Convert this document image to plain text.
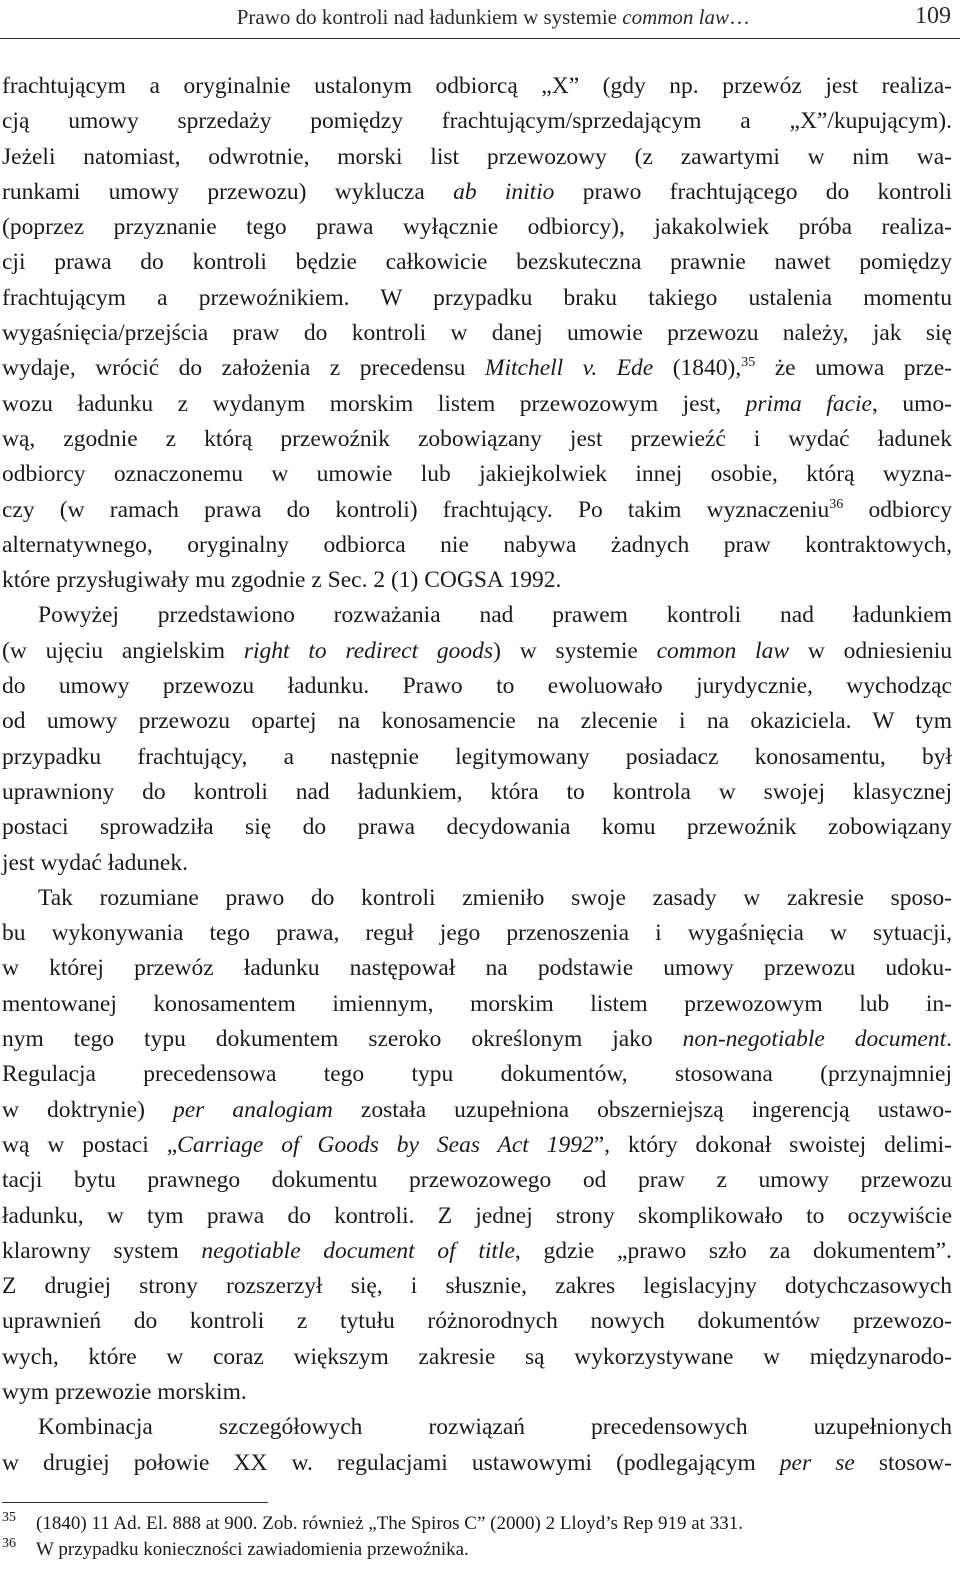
Prawo do kontroli nad ładunkiem w systemie common law…	109

frachtującym a oryginalnie ustalonym odbiorcą „X” (gdy np. przewóz jest realiza-
cją umowy sprzedaży pomiędzy frachtującym/sprzedającym a „X”/kupującym).
Jeżeli natomiast, odwrotnie, morski list przewozowy (z zawartymi w nim wa-
runkami umowy przewozu) wyklucza ab initio prawo frachtującego do kontroli
(poprzez przyznanie tego prawa wyłącznie odbiorcy), jakakolwiek próba realiza-
cji prawa do kontroli będzie całkowicie bezskuteczna prawnie nawet pomiędzy
frachtującym a przewoźnikiem. W przypadku braku takiego ustalenia momentu
wygaśnięcia/przejścia praw do kontroli w danej umowie przewozu należy, jak się
wydaje, wrócić do założenia z precedensu Mitchell v. Ede (1840),$^{35}$ że umowa prze-
wozu ładunku z wydanym morskim listem przewozowym jest, prima facie, umo-
wą, zgodnie z którą przewoźnik zobowiązany jest przewieźć i wydać ładunek
odbiorcy oznaczonemu w umowie lub jakiejkolwiek innej osobie, którą wyzna-
czy (w ramach prawa do kontroli) frachtujący. Po takim wyznaczeniu$^{36}$ odbiorcy
alternatywnego, oryginalny odbiorca nie nabywa żadnych praw kontraktowych,
które przysługiwały mu zgodnie z Sec. 2 (1) COGSA 1992.

Powyżej przedstawiono rozważania nad prawem kontroli nad ładunkiem
(w ujęciu angielskim right to redirect goods) w systemie common law w odniesieniu
do umowy przewozu ładunku. Prawo to ewoluowało jurydycznie, wychodząc
od umowy przewozu opartej na konosamencie na zlecenie i na okaziciela. W tym
przypadku frachtujący, a następnie legitymowany posiadacz konosamentu, był
uprawniony do kontroli nad ładunkiem, która to kontrola w swojej klasycznej
postaci sprowadziła się do prawa decydowania komu przewoźnik zobowiązany
jest wydać ładunek.

Tak rozumiane prawo do kontroli zmieniło swoje zasady w zakresie sposo-
bu wykonywania tego prawa, reguł jego przenoszenia i wygaśnięcia w sytuacji,
w której przewóz ładunku następował na podstawie umowy przewozu udoku-
mentowanej konosamentem imiennym, morskim listem przewozowym lub in-
nym tego typu dokumentem szeroko określonym jako non-negotiable document.
Regulacja precedensowa tego typu dokumentów, stosowana (przynajmniej
w doktrynie) per analogiam została uzupełniona obszerniejszą ingerencją ustawo-
wą w postaci „Carriage of Goods by Seas Act 1992”, który dokonał swoistej delimi-
tacji bytu prawnego dokumentu przewozowego od praw z umowy przewozu
ładunku, w tym prawa do kontroli. Z jednej strony skomplikowało to oczywiście
klarowny system negotiable document of title, gdzie „prawo szło za dokumentem”.
Z drugiej strony rozszerzył się, i słusznie, zakres legislacyjny dotychczasowych
uprawnień do kontroli z tytułu różnorodnych nowych dokumentów przewozo-
wych, które w coraz większym zakresie są wykorzystywane w międzynarodo-
wym przewozie morskim.

Kombinacja szczegółowych rozwiązań precedensowych uzupełnionych
w drugiej połowie XX w. regulacjami ustawowymi (podlegającym per se stosow-

35 (1840) 11 Ad. El. 888 at 900. Zob. również „The Spiros C” (2000) 2 Lloyd’s Rep 919 at 331.
36 W przypadku konieczności zawiadomienia przewoźnika.
